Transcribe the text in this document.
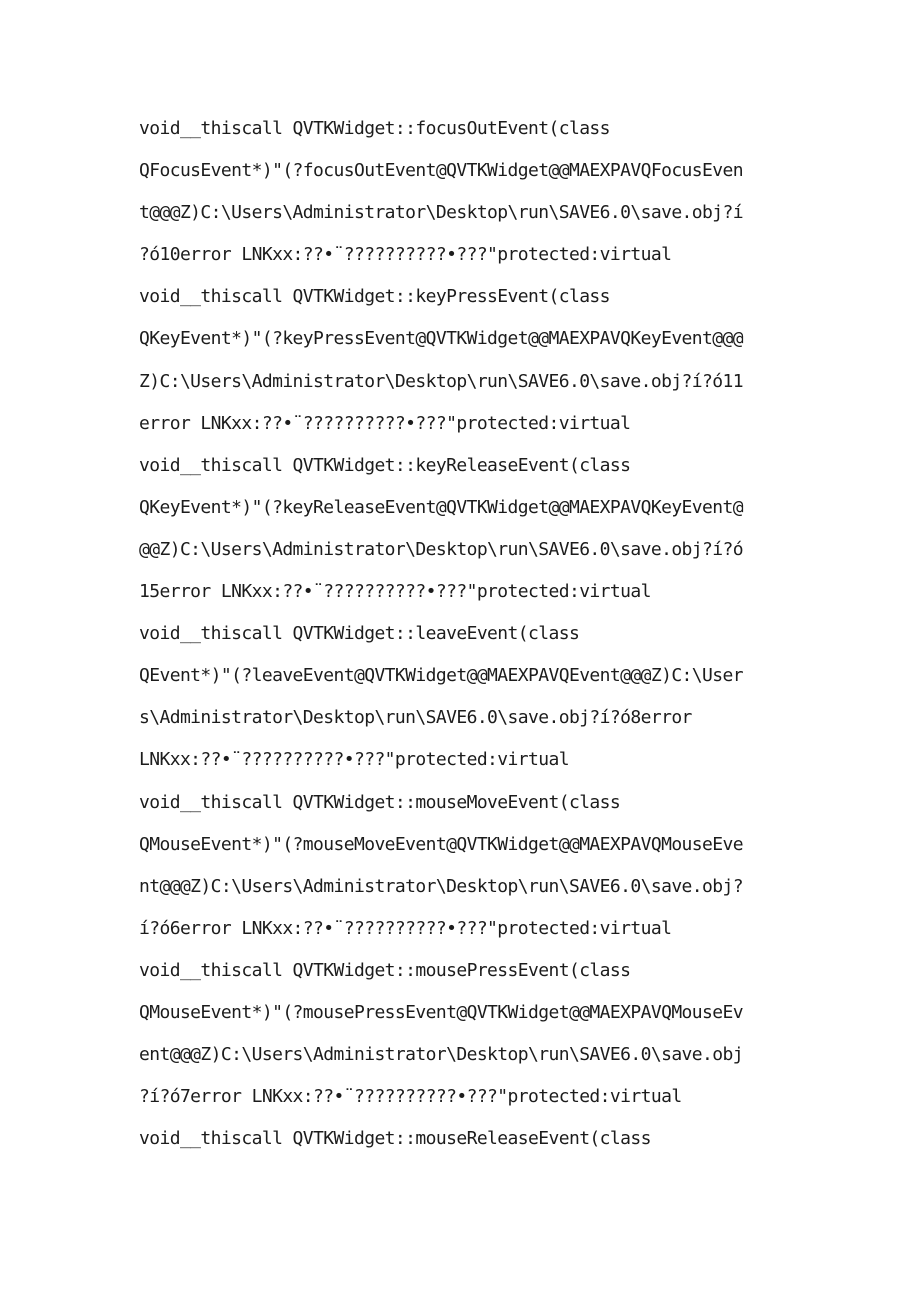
void__thiscall QVTKWidget::focusOutEvent(class
QFocusEvent*)"(?focusOutEvent@QVTKWidget@@MAEXPAVQFocusEven
t@@@Z)C:\Users\Administrator\Desktop\run\SAVE6.0\save.obj?í
?ó10error LNKxx:??•¨??????????•???"protected:virtual
void__thiscall QVTKWidget::keyPressEvent(class
QKeyEvent*)"(?keyPressEvent@QVTKWidget@@MAEXPAVQKeyEvent@@@
Z)C:\Users\Administrator\Desktop\run\SAVE6.0\save.obj?í?ó11
error LNKxx:??•¨??????????•???"protected:virtual
void__thiscall QVTKWidget::keyReleaseEvent(class
QKeyEvent*)"(?keyReleaseEvent@QVTKWidget@@MAEXPAVQKeyEvent@
@@Z)C:\Users\Administrator\Desktop\run\SAVE6.0\save.obj?í?ó
15error LNKxx:??•¨??????????•???"protected:virtual
void__thiscall QVTKWidget::leaveEvent(class
QEvent*)"(?leaveEvent@QVTKWidget@@MAEXPAVQEvent@@@Z)C:\User
s\Administrator\Desktop\run\SAVE6.0\save.obj?í?ó8error
LNKxx:??•¨??????????•???"protected:virtual
void__thiscall QVTKWidget::mouseMoveEvent(class
QMouseEvent*)"(?mouseMoveEvent@QVTKWidget@@MAEXPAVQMouseEve
nt@@@Z)C:\Users\Administrator\Desktop\run\SAVE6.0\save.obj?
í?ó6error LNKxx:??•¨??????????•???"protected:virtual
void__thiscall QVTKWidget::mousePressEvent(class
QMouseEvent*)"(?mousePressEvent@QVTKWidget@@MAEXPAVQMouseEv
ent@@@Z)C:\Users\Administrator\Desktop\run\SAVE6.0\save.obj
?í?ó7error LNKxx:??•¨??????????•???"protected:virtual
void__thiscall QVTKWidget::mouseReleaseEvent(class
